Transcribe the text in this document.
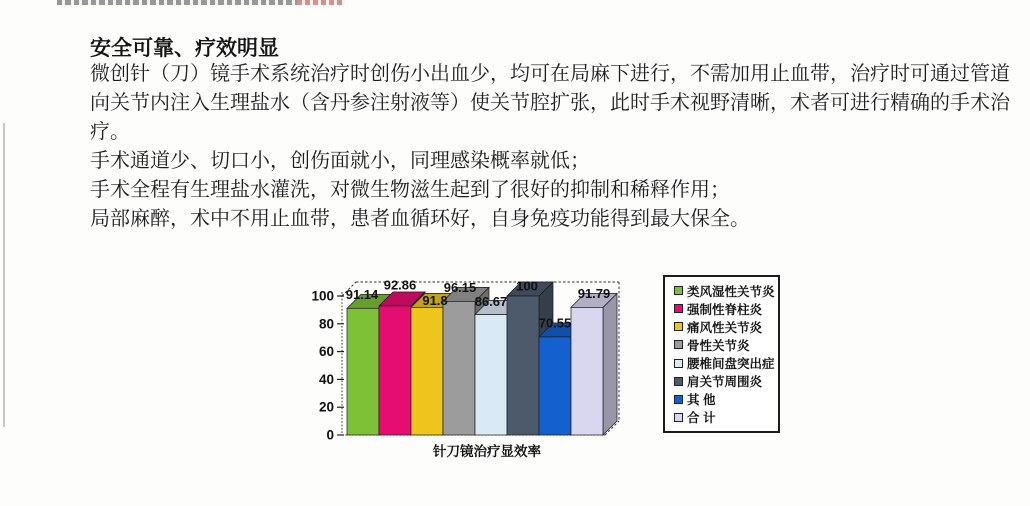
安全可靠、疗效明显
微创针（刀）镜手术系统治疗时创伤小出血少，均可在局麻下进行，不需加用止血带，治疗时可通过管道
向关节内注入生理盐水（含丹参注射液等）使关节腔扩张，此时手术视野清晰，术者可进行精确的手术治
疗。
手术通道少、切口小，创伤面就小，同理感染概率就低；
手术全程有生理盐水灌洗，对微生物滋生起到了很好的抑制和稀释作用；
局部麻醉，术中不用止血带，患者血循环好，自身免疫功能得到最大保全。
0
20
40
60
80
100 91.14
92.86
91.8
96.15
86.67
100
70.55
91.79
针刀镜治疗显效率
类风湿性关节炎
强制性脊柱炎
痛风性关节炎
骨性关节炎
腰椎间盘突出症
肩关节周围炎
其 他
合 计
